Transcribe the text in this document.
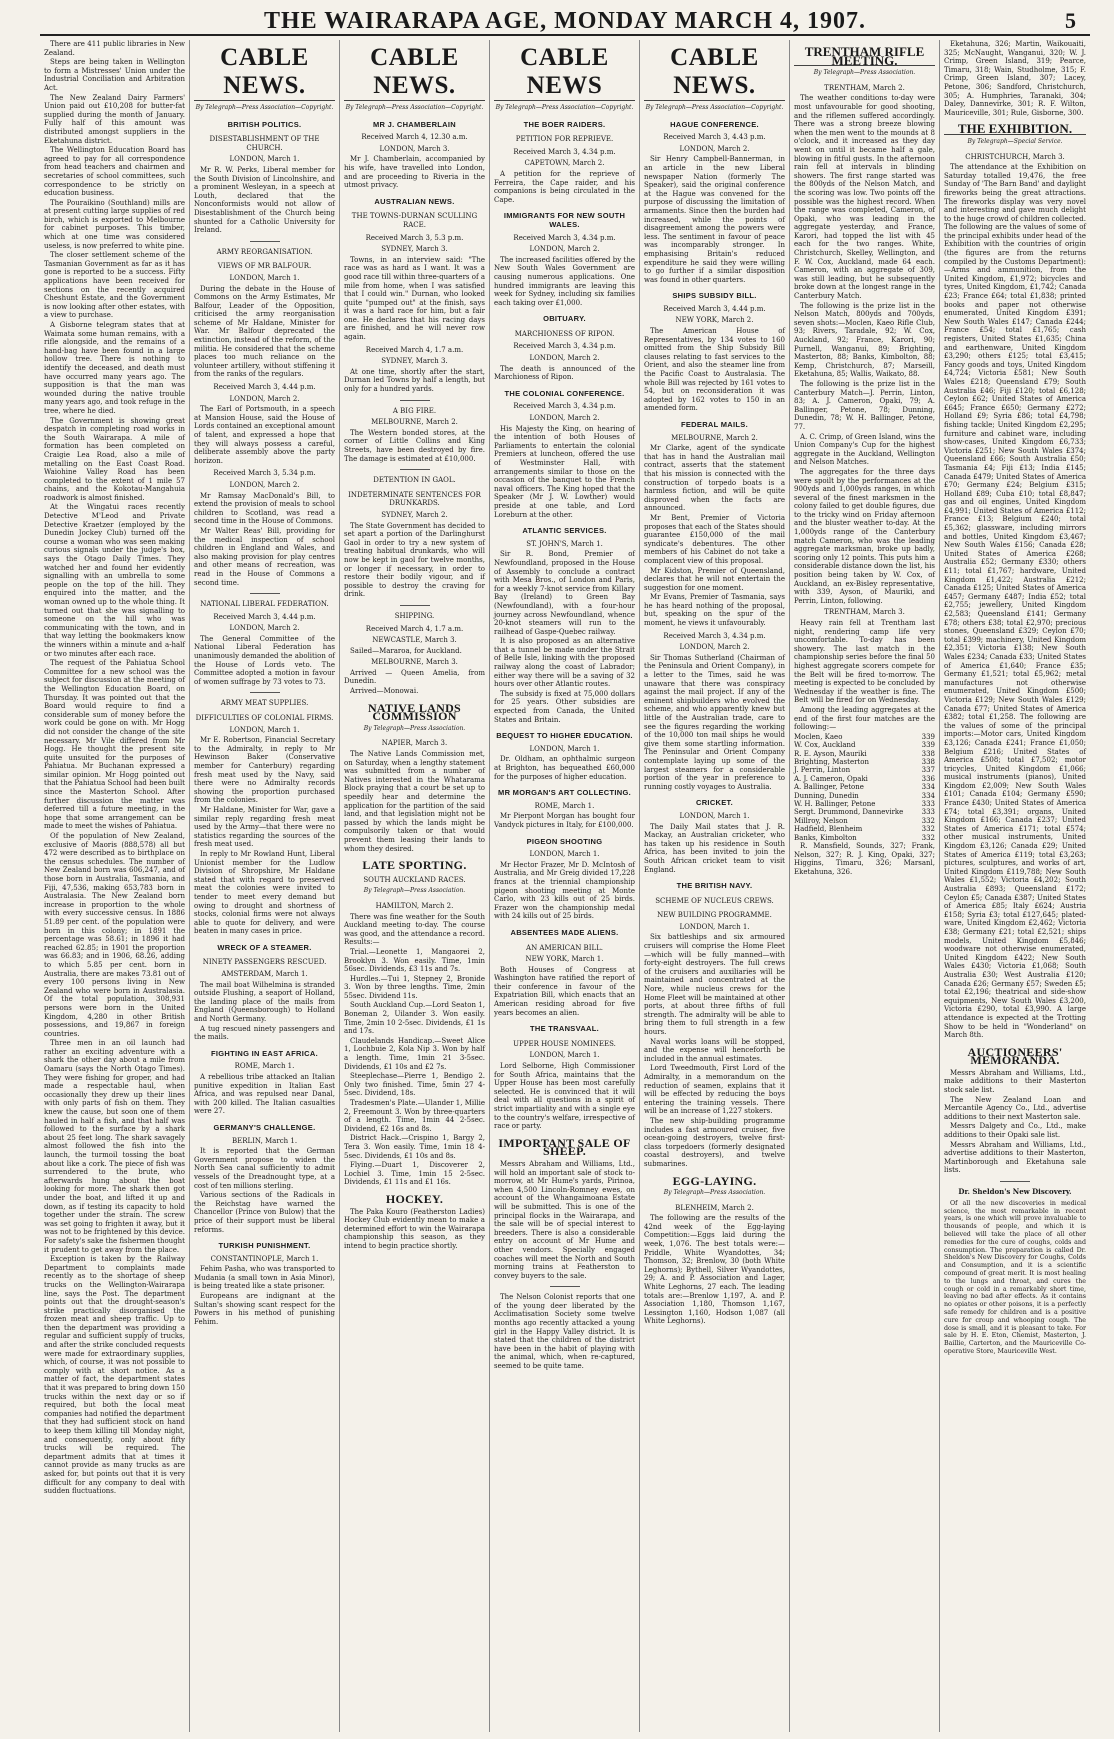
THE WAIRARAPA AGE, MONDAY MARCH 4, 1907.	5

There are 411 public libraries in New Zealand.

Steps are being taken in Wellington to form a Mistresses' Union under the Industrial Conciliation and Arbitration Act.

The New Zealand Dairy Farmers' Union paid out £10,208 for butter-fat supplied during the month of January. Fully half of this amount was distributed amongst suppliers in the Eketahuna district.

The Wellington Education Board has agreed to pay for all correspondence from head teachers and chairmen and secretaries of school committees, such correspondence to be strictly on education business.

The Pouraikino (Southland) mills are at present cutting large supplies of red birch, which is exported to Melbourne for cabinet purposes. This timber, which at one time was considered useless, is now preferred to white pine.

The closer settlement scheme of the Tasmanian Government as far as it has gone is reported to be a success. Fifty applications have been received for sections on the recently acquired Cheshunt Estate, and the Government is now looking after other estates, with a view to purchase.

A Gisborne telegram states that at Waimata some human remains, with a rifle alongside, and the remains of a hand-bag have been found in a large hollow tree. There is nothing to identify the deceased, and death must have occurred many years ago. The supposition is that the man was wounded during the native trouble many years ago, and took refuge in the tree, where he died.

The Government is showing great despatch in completing road works in the South Wairarapa. A mile of formation has been completed on Craigie Lea Road, also a mile of metalling on the East Coast Road. Waiohine Valley Road has been completed to the extent of 1 mile 57 chains, and the Kokotau-Mangahuia roadwork is almost finished.

At the Wingatui races recently Detective M'Leod and Private Detective Kraetzer (employed by the Dunedin Jockey Club) turned off the course a woman who was seen making curious signals under the judge's box, says the Otago Daily Times. They watched her and found her evidently signalling with an umbrella to some people on the top of the hill. They enquired into the matter, and the woman owned up to the whole thing. It turned out that she was signalling to someone on the hill who was communicating with the town, and in that way letting the bookmakers know the winners within a minute and a-half or two minutes after each race.

The request of the Pahiatua School Committee for a new school was the subject for discussion at the meeting of the Wellington Education Board, on Thursday. It was pointed out that the Board would require to find a considerable sum of money before the work could be gone on with. Mr Hogg did not consider the change of the site necessary. Mr Vile differed from Mr Hogg. He thought the present site quite unsuited for the purposes of Pahiatua. Mr Buchanan expressed a similar opinion. Mr Hogg pointed out that the Pahiatua School had been built since the Masterton School. After further discussion the matter was deferred till a future meeting, in the hope that some arrangement can be made to meet the wishes of Pahiatua.

Of the population of New Zealand, exclusive of Maoris (888,578) all but 472 were described as to birthplace on the census schedules. The number of New Zealand born was 606,247, and of those born in Australia, Tasmania, and Fiji, 47,536, making 653,783 born in Australasia. The New Zealand born increase in proportion to the whole with every successive census. In 1886 51.89 per cent. of the population were born in this colony; in 1891 the percentage was 58.61; in 1896 it had reached 62.85; in 1901 the proportion was 66.83; and in 1906, 68.26, adding to which 5.85 per cent. born in Australia, there are makes 73.81 out of every 100 persons living in New Zealand who were born in Australasia. Of the total population, 308,931 persons were born in the United Kingdom, 4,280 in other British possessions, and 19,867 in foreign countries.

Three men in an oil launch had rather an exciting adventure with a shark the other day about a mile from Oamaru (says the North Otago Times). They were fishing for groper, and had made a respectable haul, when occasionally they drew up their lines with only parts of fish on them. They knew the cause, but soon one of them hauled in half a fish, and that half was followed to the surface by a shark about 25 feet long. The shark savagely almost followed the fish into the launch, the turmoil tossing the boat about like a cork. The piece of fish was surrendered to the brute, who afterwards hung about the boat looking for more. The shark then got under the boat, and lifted it up and down, as if testing its capacity to hold together under the strain. The screw was set going to frighten it away, but it was not to be frightened by this device. For safety's sake the fishermen thought it prudent to get away from the place.

Exception is taken by the Railway Department to complaints made recently as to the shortage of sheep trucks on the Wellington-Wairarapa line, says the Post. The department points out that the drought-season's strike practically disorganised the frozen meat and sheep traffic. Up to then the department was providing a regular and sufficient supply of trucks, and after the strike concluded requests were made for extraordinary supplies, which, of course, it was not possible to comply with at short notice. As a matter of fact, the department states that it was prepared to bring down 150 trucks within the next day or so if required, but both the local meat companies had notified the department that they had sufficient stock on hand to keep them killing till Monday night, and consequently, only about fifty trucks will be required. The department admits that at times it cannot provide as many trucks as are asked for, but points out that it is very difficult for any company to deal with sudden fluctuations.

CABLE NEWS.
By Telegraph—Press Association—Copyright.
BRITISH POLITICS.
DISESTABLISHMENT OF THE CHURCH.
LONDON, March 1.

Mr R. W. Perks, Liberal member for the South Division of Lincolnshire, and a prominent Wesleyan, in a speech at Louth, declared that the Nonconformists would not allow of Disestablishment of the Church being shunted for a Catholic University for Ireland.

ARMY REORGANISATION.
VIEWS OF MR BALFOUR.
LONDON, March 1.

During the debate in the House of Commons on the Army Estimates, Mr Balfour, Leader of the Opposition, criticised the army reorganisation scheme of Mr Haldane, Minister for War. Mr Balfour deprecated the extinction, instead of the reform, of the militia. He considered that the scheme places too much reliance on the volunteer artillery, without stiffening it from the ranks of the regulars.

Received March 3, 4.44 p.m.
LONDON, March 2.

The Earl of Portsmouth, in a speech at Mansion House, said the House of Lords contained an exceptional amount of talent, and expressed a hope that they will always possess a careful, deliberate assembly above the party horizon.

Received March 3, 5.34 p.m.
LONDON, March 2.

Mr Ramsay MacDonald's Bill, to extend the provision of meals to school children to Scotland, was read a second time in the House of Commons.

Mr Walter Reas' Bill, providing for the medical inspection of school children in England and Wales, and also making provision for play centres and other means of recreation, was read in the House of Commons a second time.

NATIONAL LIBERAL FEDERATION.
Received March 3, 4.44 p.m.
LONDON, March 2.

The General Committee of the National Liberal Federation has unanimously demanded the abolition of the House of Lords veto. The Committee adopted a motion in favour of women suffrage by 73 votes to 73.

ARMY MEAT SUPPLIES.
DIFFICULTIES OF COLONIAL FIRMS.
LONDON, March 1.

Mr E. Robertson, Financial Secretary to the Admiralty, in reply to Mr Hewinson Baker (Conservative member for Canterbury) regarding fresh meat used by the Navy, said there were no Admiralty records showing the proportion purchased from the colonies.

Mr Haldane, Minister for War, gave a similar reply regarding fresh meat used by the Army—that there were no statistics regarding the sources of the fresh meat used.

In reply to Mr Rowland Hunt, Liberal Unionist member for the Ludlow Division of Shropshire, Mr Haldane stated that with regard to preserved meat the colonies were invited to tender to meet every demand but owing to drought and shortness of stocks, colonial firms were not always able to quote for delivery, and were beaten in many cases in price.

WRECK OF A STEAMER.
NINETY PASSENGERS RESCUED.
AMSTERDAM, March 1.

The mail boat Wilhelmina is stranded outside Flushing, a seaport of Holland, the landing place of the mails from England (Queensborough) to Holland and North Germany.

A tug rescued ninety passengers and the mails.

FIGHTING IN EAST AFRICA.
ROME, March 1.

A rebellious tribe attacked an Italian punitive expedition in Italian East Africa, and was repulsed near Danal, with 200 killed. The Italian casualties were 27.

GERMANY'S CHALLENGE.
BERLIN, March 1.

It is reported that the German Government propose to widen the North Sea canal sufficiently to admit vessels of the Dreadnought type, at a cost of ten millions sterling.

Various sections of the Radicals in the Reichstag have warned the Chancellor (Prince von Bulow) that the price of their support must be liberal reforms.

TURKISH PUNISHMENT.
CONSTANTINOPLE, March 1.

Fehim Pasha, who was transported to Mudania (a small town in Asia Minor), is being treated like a state prisoner.

Europeans are indignant at the Sultan's showing scant respect for the Powers in his method of punishing Fehim.

CABLE NEWS.
By Telegraph—Press Association—Copyright.
MR J. CHAMBERLAIN
Received March 4, 12.30 a.m.
LONDON, March 3.

Mr J. Chamberlain, accompanied by his wife, have travelled into London, and are proceeding to Riveria in the utmost privacy.

AUSTRALIAN NEWS.
THE TOWNS-DURNAN SCULLING RACE.
Received March 3, 5.3 p.m.
SYDNEY, March 3.

Towns, in an interview said: "The race was as hard as I want. It was a good race till within three-quarters of a mile from home, when I was satisfied that I could win." Durnan, who looked quite "pumped out" at the finish, says it was a hard race for him, but a fair one. He declares that his racing days are finished, and he will never row again.

Received March 4, 1.7 a.m.
SYDNEY, March 3.

At one time, shortly after the start, Durnan led Towns by half a length, but only for a hundred yards.

A BIG FIRE.
MELBOURNE, March 2.

The Western bonded stores, at the corner of Little Collins and King Streets, have been destroyed by fire. The damage is estimated at £10,000.

DETENTION IN GAOL.
INDETERMINATE SENTENCES FOR DRUNKARDS.
SYDNEY, March 2.

The State Government has decided to set apart a portion of the Darlinghurst Gaol in order to try a new system of treating habitual drunkards, who will now be kept in gaol for twelve months, or longer if necessary, in order to restore their bodily vigour, and if possible to destroy the craving for drink.

SHIPPING.
Received March 4, 1.7 a.m.
NEWCASTLE, March 3.

Sailed—Mararoa, for Auckland.

MELBOURNE, March 3.

Arrived — Queen Amelia, from Dunedin.

Arrived—Monowai.

NATIVE LANDS COMMISSION
By Telegraph—Press Association.
NAPIER, March 3.

The Native Lands Commission met, on Saturday, when a lengthy statement was submitted from a number of Natives interested in the Whatarama Block praying that a court be set up to speedily hear and determine the application for the partition of the said land, and that legislation might not be passed by which the lands might be compulsorily taken or that would prevent them leasing their lands to whom they desired.

LATE SPORTING.
SOUTH AUCKLAND RACES.
By Telegraph—Press Association.
HAMILTON, March 2.

There was fine weather for the South Auckland meeting to-day. The course was good, and the attendance a record. Results:—

Trial.—Leonette 1, Mangaorei 2, Brooklyn 3. Won easily. Time, 1min 56sec. Dividends, £3 11s and 7s.

Hurdles.—Tui 1, Stepney 2, Bronide 3. Won by three lengths. Time, 2min 55sec. Dividend 11s.

South Auckland Cup.—Lord Seaton 1, Boneman 2, Uilander 3. Won easily. Time, 2min 10 2-5sec. Dividends, £1 1s and 17s.

Claudelands Handicap.—Sweet Alice 1, Lochbuie 2, Kola Nip 3. Won by half a length. Time, 1min 21 3-5sec. Dividends, £1 10s and £2 7s.

Steeplechase—Pierre 1, Bendigo 2. Only two finished. Time, 5min 27 4-5sec. Dividend, 18s.

Tradesmen's Plate.—Ulander 1, Millie 2, Freemount 3. Won by three-quarters of a length. Time, 1min 44 2-5sec. Dividend, £2 16s and 8s.

District Hack.—Crispino 1, Bargy 2, Tera 3. Won easily. Time, 1min 18 4-5sec. Dividends, £1 10s and 8s.

Flying.—Duart 1, Discoverer 2, Lochiel 3. Time, 1min 15 2-5sec. Dividends, £1 11s and £1 16s.

HOCKEY.

The Paka Kouro (Featherston Ladies) Hockey Club evidently mean to make a determined effort to win the Wairarapa championship this season, as they intend to begin practice shortly.

CABLE NEWS
By Telegraph—Press Association—Copyright.
THE BOER RAIDERS.
PETITION FOR REPRIEVE.
Received March 3, 4.34 p.m.
CAPETOWN, March 2.

A petition for the reprieve of Ferreira, the Cape raider, and his companions is being circulated in the Cape.

IMMIGRANTS FOR NEW SOUTH WALES.
Received March 3, 4.34 p.m.
LONDON, March 2.

The increased facilities offered by the New South Wales Government are causing numerous applications. One hundred immigrants are leaving this week for Sydney, including six families each taking over £1,000.

OBITUARY.
MARCHIONESS OF RIPON.
Received March 3, 4.34 p.m.
LONDON, March 2.

The death is announced of the Marchioness of Ripon.

THE COLONIAL CONFERENCE.
Received March 3, 4.34 p.m.
LONDON, March 2.

His Majesty the King, on hearing of the intention of both Houses of Parliaments to entertain the colonial Premiers at luncheon, offered the use of Westminster Hall, with arrangements similar to those on the occasion of the banquet to the French naval officers. The King hoped that the Speaker (Mr J. W. Lowther) would preside at one table, and Lord Loreburn at the other.

ATLANTIC SERVICES.
ST. JOHN'S, March 1.

Sir R. Bond, Premier of Newfoundland, proposed in the House of Assembly to conclude a contract with Mesa Bros., of London and Paris, for a weekly 7-knot service from Killary Bay (Ireland) to Green Bay (Newfoundland), with a four-hour journey across Newfoundland, whence 20-knot steamers will run to the railhead of Gaspe-Quebec railway.

It is also proposed as an alternative that a tunnel be made under the Strait of Belle Isle, linking with the proposed railway along the coast of Labrador; either way there will be a saving of 32 hours over other Atlantic routes.

The subsidy is fixed at 75,000 dollars for 25 years. Other subsidies are expected from Canada, the United States and Britain.

BEQUEST TO HIGHER EDUCATION.
LONDON, March 1.

Dr. Oldham, an ophthalmic surgeon at Brighton, has bequeathed £60,000 for the purposes of higher education.

MR MORGAN'S ART COLLECTING.
ROME, March 1.

Mr Pierpont Morgan has bought four Vandyck pictures in Italy, for £100,000.

PIGEON SHOOTING
LONDON, March 1.

Mr Hector Frazer, Mr D. McIntosh of Australia, and Mr Greig divided 17,228 francs at the triennial championship pigeon shooting meeting at Monte Carlo, with 23 kills out of 25 birds. Frazer won the championship medal with 24 kills out of 25 birds.

ABSENTEES MADE ALIENS.
AN AMERICAN BILL.
NEW YORK, March 1.

Both Houses of Congress at Washington have ratified the report of their conference in favour of the Expatriation Bill, which enacts that an American residing abroad for five years becomes an alien.

THE TRANSVAAL.
UPPER HOUSE NOMINEES.
LONDON, March 1.

Lord Selborne, High Commissioner for South Africa, maintains that the Upper House has been most carefully selected. He is convinced that it will deal with all questions in a spirit of strict impartiality and with a single eye to the country's welfare, irrespective of race or party.

IMPORTANT SALE OF SHEEP.

Messrs Abraham and Williams, Ltd., will hold an important sale of stock to-morrow, at Mr Hume's yards, Pirinoa, when 4,500 Lincoln-Romney ewes, on account of the Whangaimoana Estate will be submitted. This is one of the principal flocks in the Wairarapa, and the sale will be of special interest to breeders. There is also a considerable entry on account of Mr Hume and other vendors. Specially engaged coaches will meet the North and South morning trains at Featherston to convey buyers to the sale.

The Nelson Colonist reports that one of the young deer liberated by the Acclimatisation Society some twelve months ago recently attacked a young girl in the Happy Valley district. It is stated that the children of the district have been in the habit of playing with the animal, which, when re-captured, seemed to be quite tame.

CABLE NEWS.
By Telegraph—Press Association—Copyright.
HAGUE CONFERENCE.
Received March 3, 4.43 p.m.
LONDON, March 2.

Sir Henry Campbell-Bannerman, in an article in the new Liberal newspaper Nation (formerly The Speaker), said the original conference at the Hague was convened for the purpose of discussing the limitation of armaments. Since then the burden had increased, while the points of disagreement among the powers were less. The sentiment in favour of peace was incomparably stronger. In emphasising Britain's reduced expenditure he said they were willing to go further if a similar disposition was found in other quarters.

SHIPS SUBSIDY BILL.
Received March 3, 4.44 p.m.
NEW YORK, March 2.

The American House of Representatives, by 134 votes to 160 omitted from the Ship Subsidy Bill clauses relating to fast services to the Orient, and also the steamer line from the Pacific Coast to Australasia. The whole Bill was rejected by 161 votes to 54, but on reconsideration it was adopted by 162 votes to 150 in an amended form.

FEDERAL MAILS.
MELBOURNE, March 2.

Mr Clarke, agent of the syndicate that has in hand the Australian mail contract, asserts that the statement that his mission is connected with the construction of torpedo boats is a harmless fiction, and will be quite disproved when the facts are announced.

Mr Bent, Premier of Victoria proposes that each of the States should guarantee £150,000 of the mail syndicate's debentures. The other members of his Cabinet do not take a complacent view of this proposal.

Mr Kidston, Premier of Queensland, declares that he will not entertain the suggestion for one moment.

Mr Evans, Premier of Tasmania, says he has heard nothing of the proposal, but, speaking on the spur of the moment, he views it unfavourably.

Received March 3, 4.34 p.m.
LONDON, March 2.

Sir Thomas Sutherland (Chairman of the Peninsula and Orient Company), in a letter to the Times, said he was unaware that there was conspiracy against the mail project. If any of the eminent shipbuilders who evolved the scheme, and who apparently knew but little of the Australian trade, care to see the figures regarding the working of the 10,000 ton mail ships he would give them some startling information. The Peninsular and Orient Company contemplate laying up some of the largest steamers for a considerable portion of the year in preference to running costly voyages to Australia.

CRICKET.
LONDON, March 1.

The Daily Mail states that J. R. Mackay, an Australian cricketer, who has taken up his residence in South Africa, has been invited to join the South African cricket team to visit England.

THE BRITISH NAVY.
SCHEME OF NUCLEUS CREWS.
NEW BUILDING PROGRAMME.
LONDON, March 1.

Six battleships and six armoured cruisers will comprise the Home Fleet—which will be fully manned—with forty-eight destroyers. The full crews of the cruisers and auxiliaries will be maintained and concentrated at the Nore, while nucleus crews for the Home Fleet will be maintained at other ports, at about three fifths of full strength. The admiralty will be able to bring them to full strength in a few hours.

Naval works loans will be stopped, and the expense will henceforth be included in the annual estimates.

Lord Tweedmouth, First Lord of the Admiralty, in a memorandum on the reduction of seamen, explains that it will be effected by reducing the boys entering the training vessels. There will be an increase of 1,227 stokers.

The new ship-building programme includes a fast armoured cruiser, five ocean-going destroyers, twelve first-class torpedoers (formerly designated coastal destroyers), and twelve submarines.

EGG-LAYING.
By Telegraph—Press Association.
BLENHEIM, March 2.

The following are the results of the 42nd week of the Egg-laying Competition:—Eggs laid during the week, 1,076. The best totals were:—Priddle, White Wyandottes, 34; Thomson, 32; Brenlow, 30 (both White Leghorns); Bythell, Silver Wyandottes, 29; A. and P. Association and Lager, White Leghorns, 27 each. The leading totals are:—Brenlow 1,197, A. and P. Association 1,180, Thomson 1,167, Lessington 1,160, Hodson 1,087 (all White Leghorns).

TRENTHAM RIFLE MEETING.
By Telegraph—Press Association.
TRENTHAM, March 2.

The weather conditions to-day were most unfavourable for good shooting, and the riflemen suffered accordingly. There was a strong breeze blowing when the men went to the mounds at 8 o'clock, and it increased as they day went on until it became half a gale, blowing in fitful gusts. In the afternoon rain fell at intervals in blinding showers. The first range started was the 800yds of the Nelson Match, and the scoring was low. Two points off the possible was the highest record. When the range was completed, Cameron, of Opaki, who was leading in the aggregate yesterday, and France, Karori, had topped the list with 45 each for the two ranges. White, Christchurch, Skelley, Wellington, and F. W. Cox, Auckland, made 64 each. Cameron, with an aggregate of 309, was still leading, but he subsequently broke down at the longest range in the Canterbury Match.

The following is the prize list in the Nelson Match, 800yds and 700yds, seven shots:—Moclen, Kaeo Rifle Club, 93; Rivers, Taradale, 92; W. Cox, Auckland, 92; France, Karori, 90; Purnell, Wanganui, 89; Brighting, Masterton, 88; Banks, Kimbolton, 88; Kemp, Christchurch, 87; Marseill, Eketahuna, 85; Wallis, Waikato, 88.

The following is the prize list in the Canterbury Match—J. Perrin, Linton, 83; A. J. Cameron, Opaki, 79; A. Ballinger, Petone, 78; Dunning, Dunedin, 78; W. H. Ballinger, Petone, 77.

A. C. Crimp, of Green Island, wins the Union Company's Cup for the highest aggregate in the Auckland, Wellington and Nelson Matches.

The aggregates for the three days were spoilt by the performances at the 900yds and 1,000yds ranges, in which several of the finest marksmen in the colony failed to get double figures, due to the tricky wind on Friday afternoon and the bluster weather to-day. At the 1,000yds range of the Canterbury match Cameron, who was the leading aggregate marksman, broke up badly, scoring only 12 points. This puts him a considerable distance down the list, his position being taken by W. Cox, of Auckland, an ex-Bisley representative, with 339, Ayson, of Mauriki, and Perrin, Linton, following.

TRENTHAM, March 3.

Heavy rain fell at Trentham last night, rendering camp life very uncomfortable. To-day has been showery. The last match in the championship series before the final 50 highest aggregate scorers compete for the Belt will be fired to-morrow. The meeting is expected to be concluded by Wednesday if the weather is fine. The Belt will be fired for on Wednesday.

Among the leading aggregates at the end of the first four matches are the following:—

Moclen, Kaeo	339
W. Cox, Auckland	339
R. E. Ayson, Mauriki	338
Brighting, Masterton	338
J. Perrin, Linton	337
A. J. Cameron, Opaki	336
A. Ballinger, Petone	334
Dunning, Dunedin	334
W. H. Ballinger, Petone	333
Sergt. Drummond, Dannevirke	333
Millroy, Nelson	332
Hadfield, Blenheim	332
Banks, Kimbolton	332

R. Mansfield, Sounds, 327; Frank, Nelson, 327; R. J. King, Opaki, 327; Higgins, Timaru, 326; Marsanl, Eketahuna, 326.

Eketahuna, 326; Martin, Waikouaiti, 325; McNaught, Wanganui, 320; W. J. Crimp, Green Island, 319; Pearce, Timaru, 318; Wain, Studholme, 315; F. Crimp, Green Island, 307; Lacey, Petone, 306; Sandford, Christchurch, 305; A. Humphries, Taranaki, 304; Daley, Dannevirke, 301; R. F. Wilton, Mauriceville, 301; Rule, Gisborne, 300.

THE EXHIBITION.
By Telegraph—Special Service.
CHRISTCHURCH, March 3.

The attendance at the Exhibition on Saturday totalled 19,476, the free Sunday of 'The Barn Band' and daylight fireworks being the great attractions. The fireworks display was very novel and interesting and gave much delight to the huge crowd of children collected. The following are the values of some of the principal exhibits under head of the Exhibition with the countries of origin (the figures are from the returns compiled by the Customs Department):—Arms and ammunition, from the United Kingdom, £1,972; bicycles and tyres, United Kingdom, £1,742; Canada £23; France £64; total £1,838; printed books and paper not otherwise enumerated, United Kingdom £391; New South Wales £147; Canada £244; France £54; total £1,765; cash registers, United States £1,635; China and earthenware, United Kingdom £3,290; others £125; total £3,415; Fancy goods and toys, United Kingdom £4,724; Victoria £581; New South Wales £218; Queensland £79; South Australia £46; Fiji £120; total £6,128; Ceylon £62; United States of America £645; France £650; Germany £272; Holland £9; Syria £86; total £4,798; fishing tackle; United Kingdom £2,295; furniture and cabinet ware, including show-cases, United Kingdom £6,733; Victoria £251; New South Wales £374; Queensland £66; South Australia £50; Tasmania £4; Fiji £13; India £145; Canada £479; United States of America £70; Germany £24; Belgium £315; Holland £89; Cuba £10; total £8,847; gas and oil engines, United Kingdom £4,991; United States of America £112; France £13; Belgium £240; total £5,362; glassware, including mirrors and bottles, United Kingdom £3,467; New South Wales £156; Canada £28; United States of America £268; Australia £52; Germany £330; others £11; total £1,767; hardware, United Kingdom £1,422; Australia £212; Canada £125; United States of America £457; Germany £487; India £52; total £2,755; jewellery, United Kingdom £2,583; Queensland £141; Germany £78; others £38; total £2,970; precious stones, Queensland £329; Ceylon £70; total £399; machinery, United Kingdom £2,351; Victoria £138; New South Wales £234; Canada £33; United States of America £1,640; France £35; Germany £1,521; total £5,962; metal manufactures not otherwise enumerated, United Kingdom £500; Victoria £129; New South Wales £129; Canada £77; United States of America £382; total £1,258. The following are the values of some of the principal imports:—Motor cars, United Kingdom £3,126; Canada £241; France £1,050; Belgium £216; United States of America £508; total £7,502; motor tricycles, United Kingdom £1,066; musical instruments (pianos), United Kingdom £2,009; New South Wales £101; Canada £104; Germany £590; France £430; United States of America £74; total £3,391; organs, United Kingdom £166; Canada £237; United States of America £171; total £574; other musical instruments, United Kingdom £3,126; Canada £29; United States of America £119; total £3,263; pictures, sculptures, and works of art, United Kingdom £119,788; New South Wales £1,552; Victoria £4,202; South Australia £893; Queensland £172; Ceylon £5; Canada £387; United States of America £85; Italy £624; Austria £158; Syria £3; total £127,645; plated-ware, United Kingdom £2,462; Victoria £38; Germany £21; total £2,521; ships models, United Kingdom £5,846; woodware not otherwise enumerated, United Kingdom £422; New South Wales £430; Victoria £1,068; South Australia £30; West Australia £120; Canada £26; Germany £57; Sweden £5; total £2,196; theatrical and side-show equipments, New South Wales £3,200, Victoria £290, total £3,990. A large attendance is expected at the Trotting Show to be held in "Wonderland" on March 8th.

AUCTIONEERS' MEMORANDA.

Messrs Abraham and Williams, Ltd., make additions to their Masterton stock sale list.

The New Zealand Loan and Mercantile Agency Co., Ltd., advertise additions to their next Masterton sale.

Messrs Dalgety and Co., Ltd., make additions to their Opaki sale list.

Messrs Abraham and Williams, Ltd., advertise additions to their Masterton, Martinborough and Eketahuna sale lists.

Dr. Sheldon's New Discovery.

Of all the new discoveries in medical science, the most remarkable in recent years, is one which will prove invaluable to thousands of people, and which it is believed will take the place of all other remedies for the cure of coughs, colds and consumption. The preparation is called Dr. Sheldon's New Discovery for Coughs, Colds and Consumption, and it is a scientific compound of great merit. It is most healing to the lungs and throat, and cures the cough or cold in a remarkably short time, leaving no bad after effects. As it contains no opiates or other poisons, it is a perfectly safe remedy for children and is a positive cure for croup and whooping cough. The dose is small, and it is pleasant to take. For sale by H. E. Eton, Chemist, Masterton, J. Baillie, Carterton, and the Mauriceville Co-operative Store, Mauriceville West.
